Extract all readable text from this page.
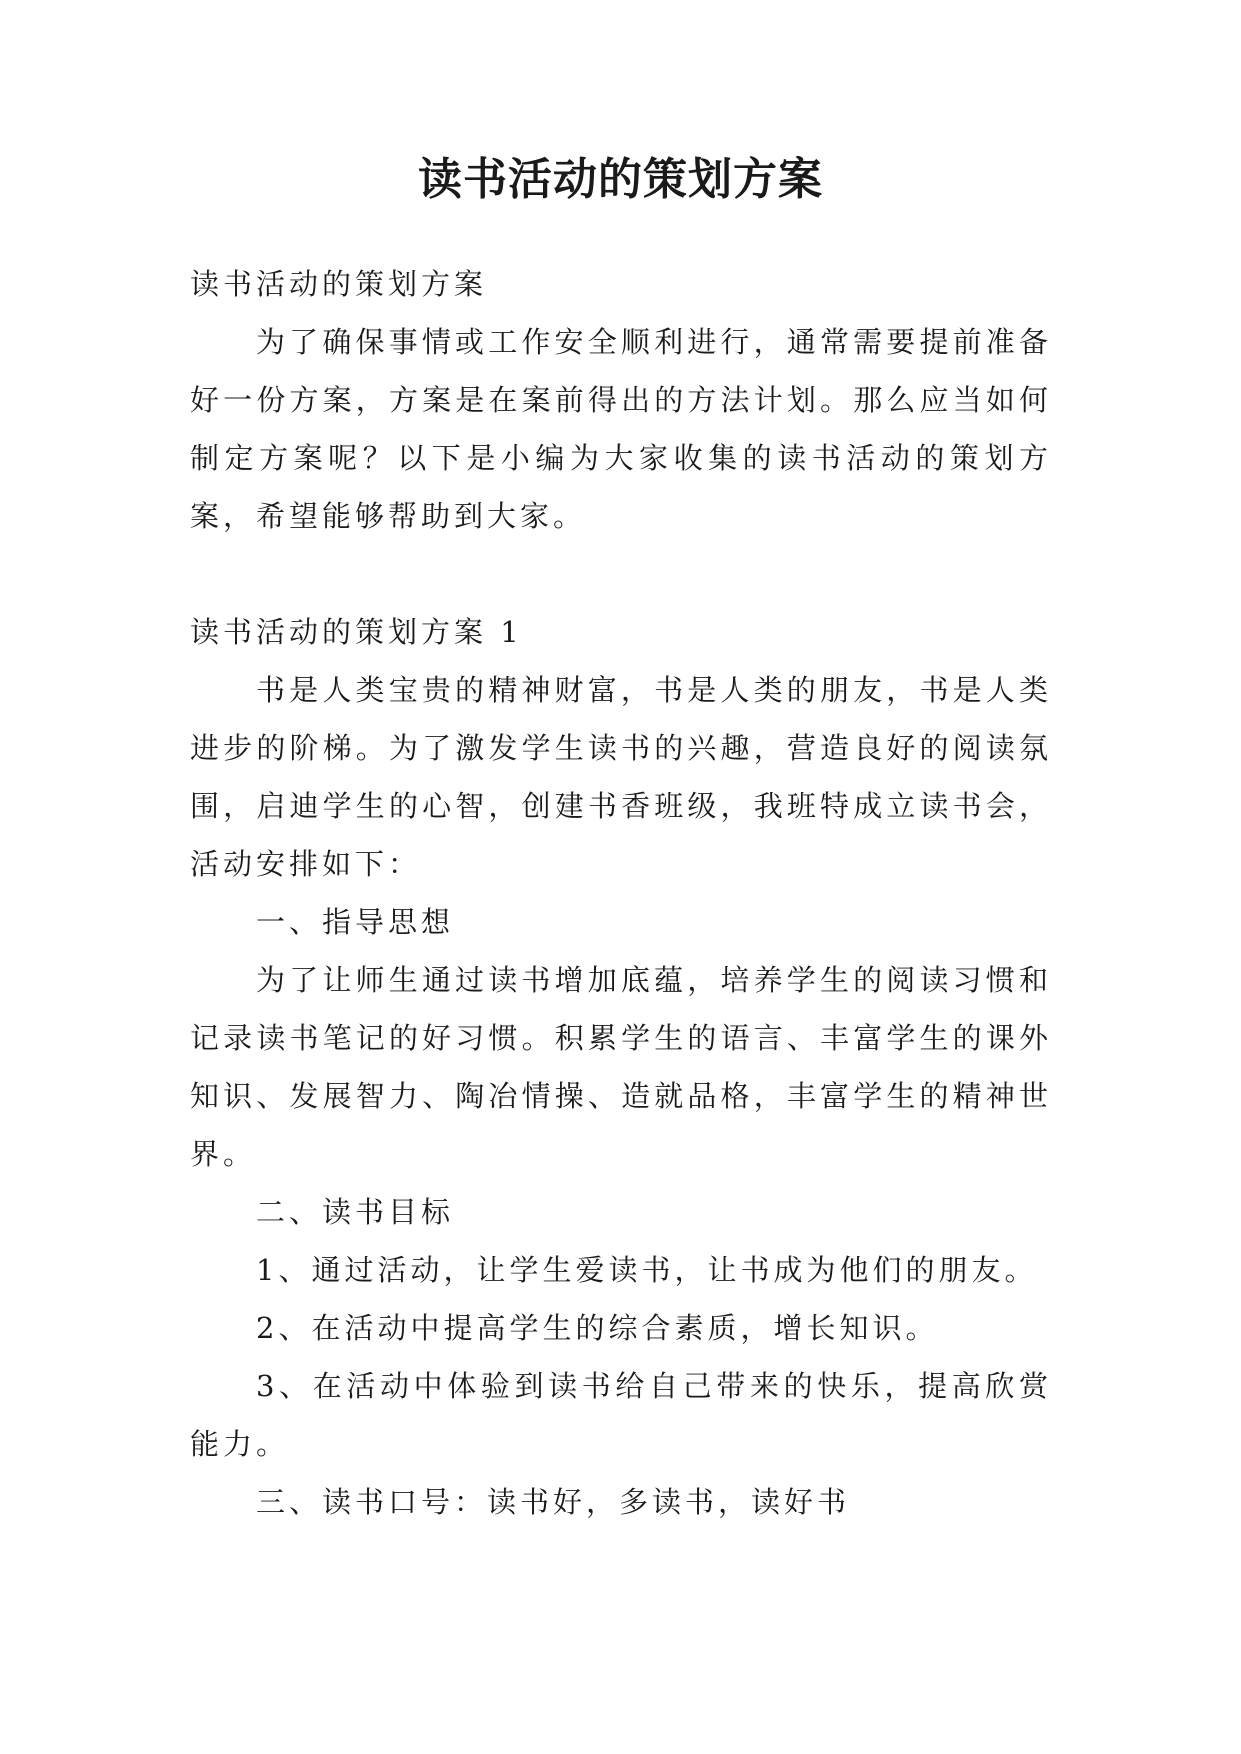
读书活动的策划方案

读书活动的策划方案

为了确保事情或工作安全顺利进行，通常需要提前准备好一份方案，方案是在案前得出的方法计划。那么应当如何制定方案呢？以下是小编为大家收集的读书活动的策划方案，希望能够帮助到大家。

读书活动的策划方案 1

书是人类宝贵的精神财富，书是人类的朋友，书是人类进步的阶梯。为了激发学生读书的兴趣，营造良好的阅读氛围，启迪学生的心智，创建书香班级，我班特成立读书会，活动安排如下：

一、指导思想

为了让师生通过读书增加底蕴，培养学生的阅读习惯和记录读书笔记的好习惯。积累学生的语言、丰富学生的课外知识、发展智力、陶冶情操、造就品格，丰富学生的精神世界。

二、读书目标

1、通过活动，让学生爱读书，让书成为他们的朋友。

2、在活动中提高学生的综合素质，增长知识。

3、在活动中体验到读书给自己带来的快乐，提高欣赏能力。

三、读书口号：读书好，多读书，读好书
